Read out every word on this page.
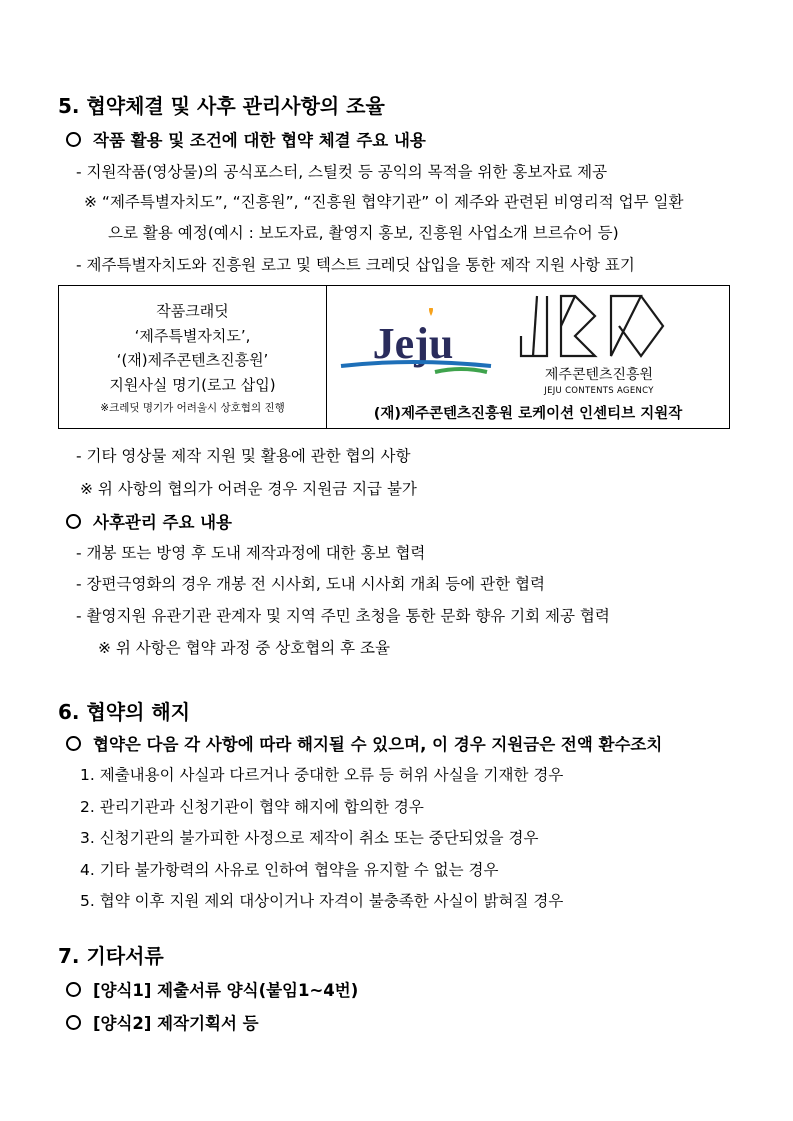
5. 협약체결 및 사후 관리사항의 조율
작품 활용 및 조건에 대한 협약 체결 주요 내용
- 지원작품(영상물)의 공식포스터, 스틸컷 등 공익의 목적을 위한 홍보자료 제공
※ “제주특별자치도”, “진흥원”, “진흥원 협약기관” 이 제주와 관련된 비영리적 업무 일환
으로 활용 예정(예시 : 보도자료, 촬영지 홍보, 진흥원 사업소개 브르슈어 등)
- 제주특별자치도와 진흥원 로고 및 텍스트 크레딧 삽입을 통한 제작 지원 사항 표기
작품크래딧
‘제주특별자치도’,
‘(재)제주콘텐츠진흥원’
지원사실 명기(로고 삽입)
※크레딧 명기가 어려울시 상호협의 진행
Jeju
제주콘텐츠진흥원
JEJU CONTENTS AGENCY
(재)제주콘텐츠진흥원 로케이션 인센티브 지원작
- 기타 영상물 제작 지원 및 활용에 관한 협의 사항
※ 위 사항의 협의가 어려운 경우 지원금 지급 불가
사후관리 주요 내용
- 개봉 또는 방영 후 도내 제작과정에 대한 홍보 협력
- 장편극영화의 경우 개봉 전 시사회, 도내 시사회 개최 등에 관한 협력
- 촬영지원 유관기관 관계자 및 지역 주민 초청을 통한 문화 향유 기회 제공 협력
※ 위 사항은 협약 과정 중 상호협의 후 조율
6. 협약의 해지
협약은 다음 각 사항에 따라 해지될 수 있으며, 이 경우 지원금은 전액 환수조치
1. 제출내용이 사실과 다르거나 중대한 오류 등 허위 사실을 기재한 경우
2. 관리기관과 신청기관이 협약 해지에 합의한 경우
3. 신청기관의 불가피한 사정으로 제작이 취소 또는 중단되었을 경우
4. 기타 불가항력의 사유로 인하여 협약을 유지할 수 없는 경우
5. 협약 이후 지원 제외 대상이거나 자격이 불충족한 사실이 밝혀질 경우
7. 기타서류
[양식1] 제출서류 양식(붙임1~4번)
[양식2] 제작기획서 등
